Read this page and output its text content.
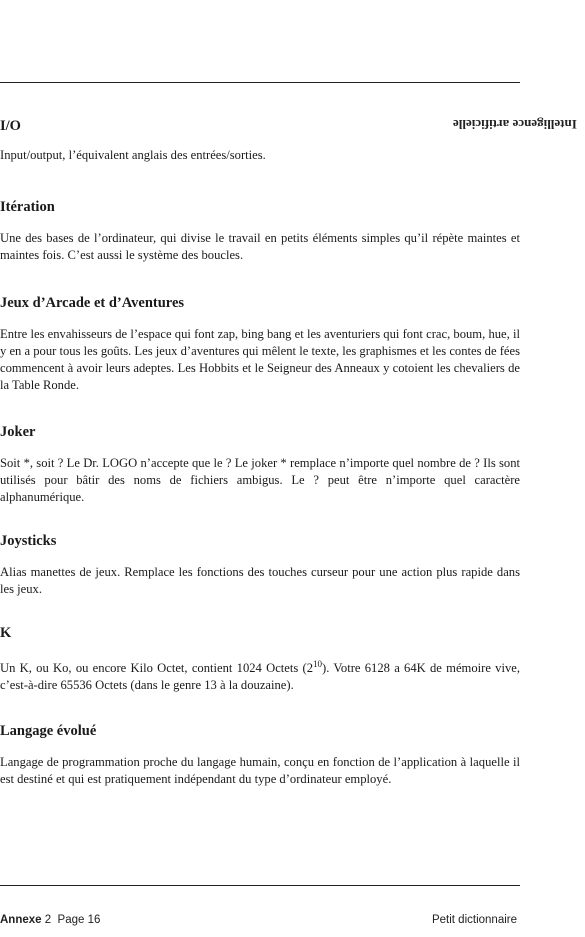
Intelligence artificielle
I/O
Input/output, l’équivalent anglais des entrées/sorties.
Itération
Une des bases de l’ordinateur, qui divise le travail en petits éléments simples qu’il répète maintes et maintes fois. C’est aussi le système des boucles.
Jeux d’Arcade et d’Aventures
Entre les envahisseurs de l’espace qui font zap, bing bang et les aventuriers qui font crac, boum, hue, il y en a pour tous les goûts. Les jeux d’aventures qui mêlent le texte, les graphismes et les contes de fées commencent à avoir leurs adeptes. Les Hobbits et le Seigneur des Anneaux y cotoient les chevaliers de la Table Ronde.
Joker
Soit *, soit ? Le Dr. LOGO n’accepte que le ? Le joker * remplace n’importe quel nombre de ? Ils sont utilisés pour bâtir des noms de fichiers ambigus. Le ? peut être n’importe quel caractère alphanumérique.
Joysticks
Alias manettes de jeux. Remplace les fonctions des touches curseur pour une action plus rapide dans les jeux.
K
Un K, ou Ko, ou encore Kilo Octet, contient 1024 Octets $(2^{10})$. Votre 6128 a 64K de mémoire vive, c’est-à-dire 65536 Octets (dans le genre 13 à la douzaine).
Langage évolué
Langage de programmation proche du langage humain, conçu en fonction de l’application à laquelle il est destiné et qui est pratiquement indépendant du type d’ordinateur employé.
Annexe 2 Page 16	Petit dictionnaire
